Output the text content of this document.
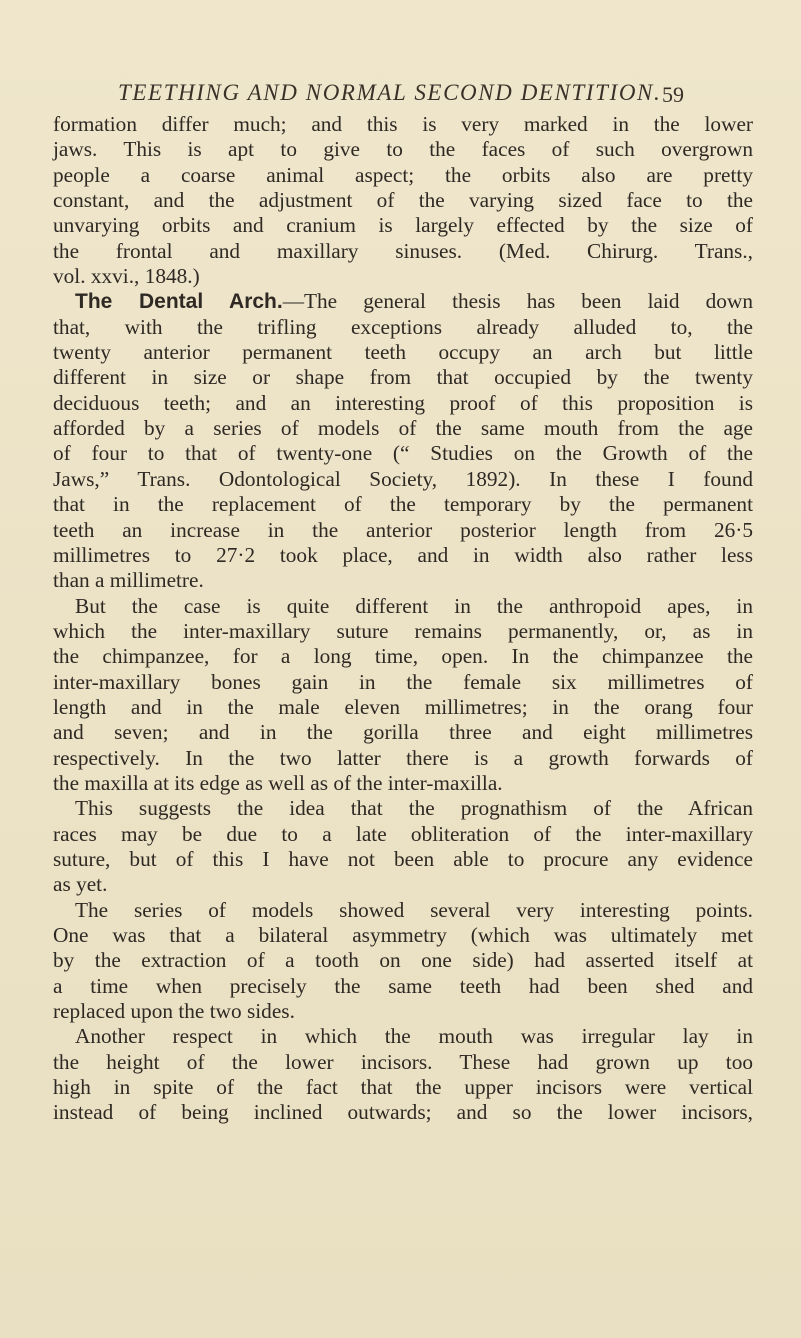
TEETHING AND NORMAL SECOND DENTITION. 59
formation differ much; and this is very marked in the lower
jaws. This is apt to give to the faces of such overgrown
people a coarse animal aspect; the orbits also are pretty
constant, and the adjustment of the varying sized face to the
unvarying orbits and cranium is largely effected by the size of
the frontal and maxillary sinuses. (Med. Chirurg. Trans.,
vol. xxvi., 1848.)
The Dental Arch.—The general thesis has been laid down
that, with the trifling exceptions already alluded to, the
twenty anterior permanent teeth occupy an arch but little
different in size or shape from that occupied by the twenty
deciduous teeth; and an interesting proof of this proposition is
afforded by a series of models of the same mouth from the age
of four to that of twenty-one (“ Studies on the Growth of the
Jaws,” Trans. Odontological Society, 1892). In these I found
that in the replacement of the temporary by the permanent
teeth an increase in the anterior posterior length from 26·5
millimetres to 27·2 took place, and in width also rather less
than a millimetre.
But the case is quite different in the anthropoid apes, in
which the inter-maxillary suture remains permanently, or, as in
the chimpanzee, for a long time, open. In the chimpanzee the
inter-maxillary bones gain in the female six millimetres of
length and in the male eleven millimetres; in the orang four
and seven; and in the gorilla three and eight millimetres
respectively. In the two latter there is a growth forwards of
the maxilla at its edge as well as of the inter-maxilla.
This suggests the idea that the prognathism of the African
races may be due to a late obliteration of the inter-maxillary
suture, but of this I have not been able to procure any evidence
as yet.
The series of models showed several very interesting points.
One was that a bilateral asymmetry (which was ultimately met
by the extraction of a tooth on one side) had asserted itself at
a time when precisely the same teeth had been shed and
replaced upon the two sides.
Another respect in which the mouth was irregular lay in
the height of the lower incisors. These had grown up too
high in spite of the fact that the upper incisors were vertical
instead of being inclined outwards; and so the lower incisors,
